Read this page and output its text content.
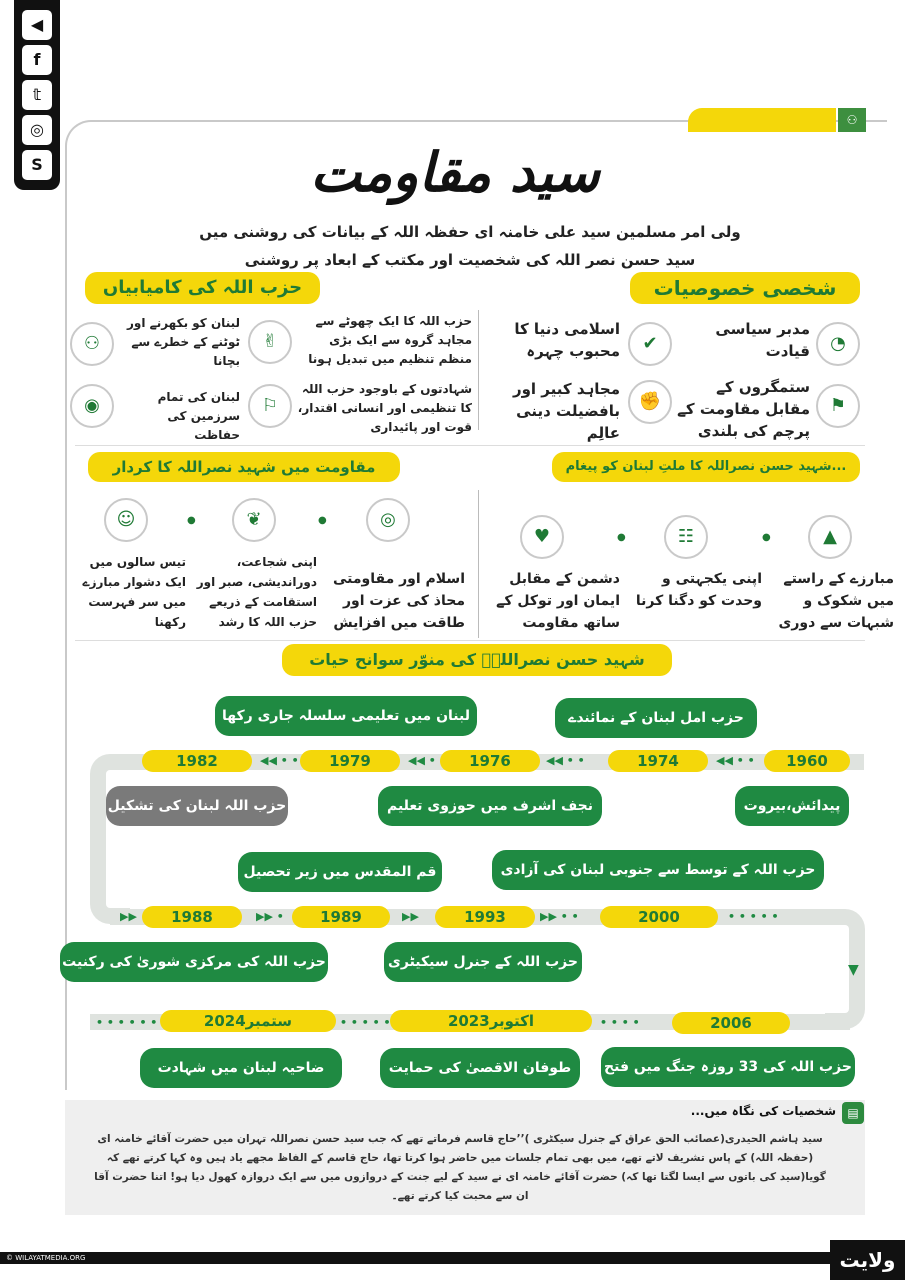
◀
f
𝕥
◎
S
⚇
سید مقاومت
ولی امر مسلمین سید علی خامنہ ای حفظہ اللہ کے بیانات کی روشنی میں
سید حسن نصر اللہ کی شخصیت اور مکتب کے ابعاد پر روشنی
شخصی خصوصیات
◔
مدبر سیاسی قیادت
✔
اسلامی دنیا کا محبوب چہرہ
⚑
ستمگروں کے مقابل مقاومت کے پرچم کی بلندی
✊
مجاہد کبیر اور بافضیلت دینی عالِم
حزب اللہ کی کامیابیاں
✌
حزب اللہ کا ایک چھوٹے سے مجاہد گروہ سے ایک بڑی منظم تنظیم میں تبدیل ہونا
⚇
لبنان کو بکھرنے اور ٹوٹنے کے خطرے سے بچانا
⚐
شہادتوں کے باوجود حزب اللہ کا تنظیمی اور انسانی اقتدار، قوت اور پائیداری
◉	لبنان کی تمام سرزمین کی حفاظت
شہید حسن نصراللہ کا ملتِ لبنان کو پیغام...
▲
مبارزے کے راستے میں شکوک و شبہات سے دوری
●
☷
اپنی یکجہتی و وحدت کو دگنا کرنا
●
♥
دشمن کے مقابل ایمان اور توکل کے ساتھ مقاومت
مقاومت میں شہید نصراللہ کا کردار
◎
اسلام اور مقاومتی محاذ کی عزت اور طاقت میں افزایش
●
❦
اپنی شجاعت، دوراندیشی، صبر اور استقامت کے ذریعے حزب اللہ کا رشد
●
☺
تیس سالوں میں ایک دشوار مبارزے میں سر فہرست رکھنا
شہید حسن نصراللہؒ کی منوّر سوانح حیات
1960
1974
1976
1979
1982	◀◀ • •
◀◀ • •
◀◀ •
◀◀ • •
پیدائش،بیروت
حزب امل لبنان کے نمائندے
نجف اشرف میں حوزوی تعلیم
لبنان میں تعلیمی سلسلہ جاری رکھا
حزب اللہ لبنان کی تشکیل
▼
2000
1993
1989
1988
▶▶	▶▶ •	▶▶	▶▶ • •	• • • • •
حزب اللہ کے توسط سے جنوبی لبنان کی آزادی
قم المقدس میں زیر تحصیل
حزب اللہ کے جنرل سیکیٹری
حزب اللہ کی مرکزی شوریٰ کی رکنیت
2006
اکتوبر2023
ستمبر2024
• • • • • •	• • • • •	• • • •
حزب اللہ کی 33 روزہ جنگ میں فتح
طوفان الاقصیٰ کی حمایت
ضاحیہ لبنان میں شہادت
شخصیات کی نگاہ میں... ▤
سید ہاشم الحیدری(عصائب الحق عراق کے جنرل سیکٹری )’’حاج قاسم فرماتے تھے کہ جب سید حسن نصراللہ تہران میں حضرت آقائے خامنہ ای (حفظہ اللہ) کے پاس تشریف لاتے تھے، میں بھی تمام جلسات میں حاضر ہوا کرتا تھا، حاج قاسم کے الفاظ مجھے یاد ہیں وہ کہا کرتے تھے کہ گویا(سید کی باتوں سے ایسا لگتا تھا کہ) حضرت آقائے خامنہ ای نے سید کے لیے جنت کے دروازوں میں سے ایک دروازہ کھول دیا ہو! اتنا حضرت آقا ان سے محبت کیا کرتے تھے۔
© WILAYATMEDIA.ORG	ولایت
